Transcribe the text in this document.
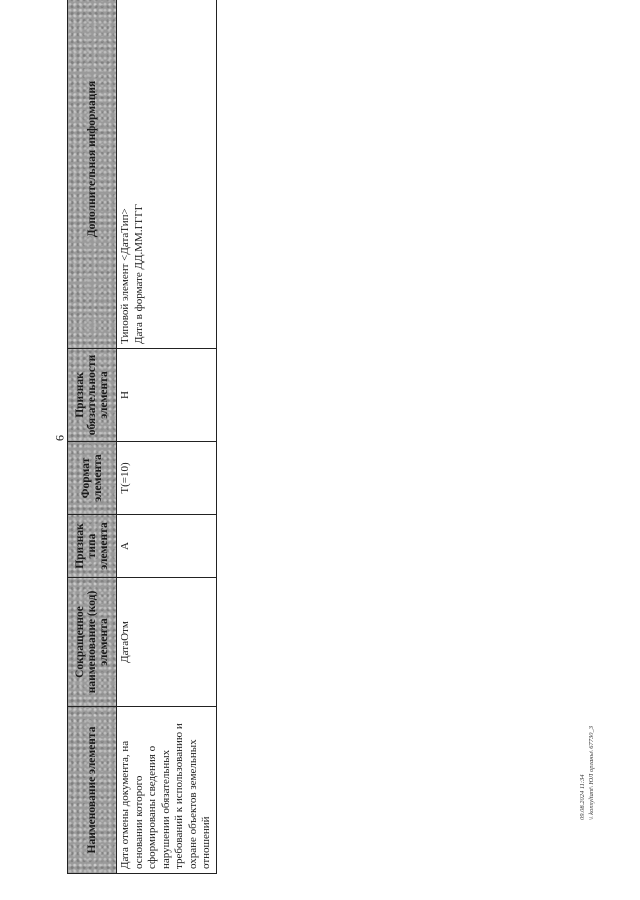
9
Наименование элемента	Сокращенное наименование (код) элемента	Признак типа элемента	Формат элемента	Признак обязательности элемента	Дополнительная информация
Дата отмены документа, на основании которого сформированы сведения о нарушении обязательных требований к использованию и охране объектов земельных отношений	ДатаОтм	А	Т(=10)	Н	Типовой элемент <ДатаТип> Дата в формате ДД.ММ.ГГГГ
09.08.2024 11:34 \\ konsyltant\ ЮЛ органы\ 67730_3
